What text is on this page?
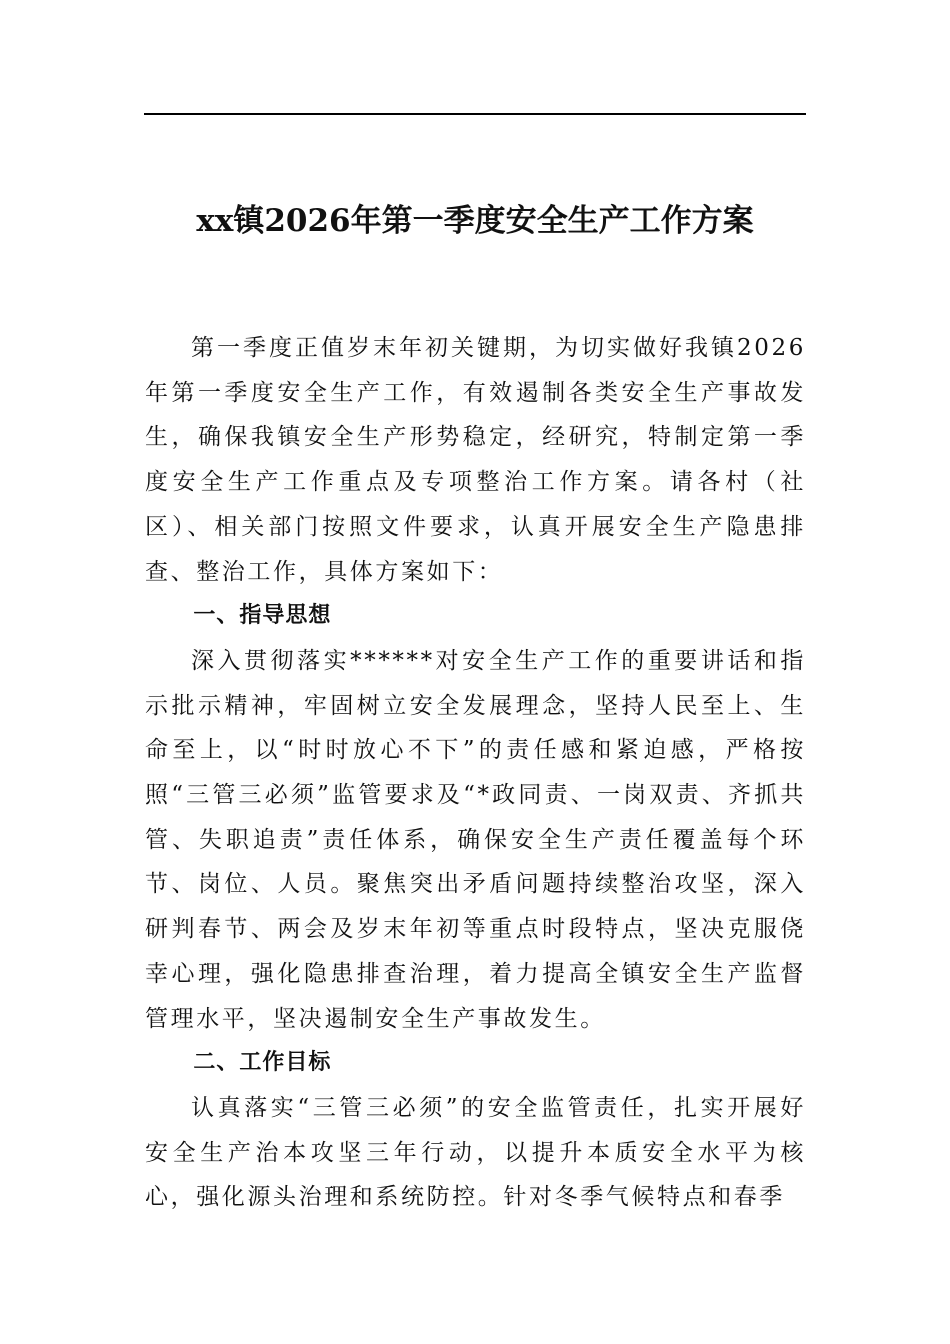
xx镇2026年第一季度安全生产工作方案

第一季度正值岁末年初关键期，为切实做好我镇2026年第一季度安全生产工作，有效遏制各类安全生产事故发生，确保我镇安全生产形势稳定，经研究，特制定第一季度安全生产工作重点及专项整治工作方案。请各村（社区）、相关部门按照文件要求，认真开展安全生产隐患排查、整治工作，具体方案如下：

一、指导思想

深入贯彻落实******对安全生产工作的重要讲话和指示批示精神，牢固树立安全发展理念，坚持人民至上、生命至上，以“时时放心不下”的责任感和紧迫感，严格按照“三管三必须”监管要求及“*政同责、一岗双责、齐抓共管、失职追责”责任体系，确保安全生产责任覆盖每个环节、岗位、人员。聚焦突出矛盾问题持续整治攻坚，深入研判春节、两会及岁末年初等重点时段特点，坚决克服侥幸心理，强化隐患排查治理，着力提高全镇安全生产监督管理水平，坚决遏制安全生产事故发生。

二、工作目标

认真落实“三管三必须”的安全监管责任，扎实开展好安全生产治本攻坚三年行动，以提升本质安全水平为核心，强化源头治理和系统防控。针对冬季气候特点和春季
